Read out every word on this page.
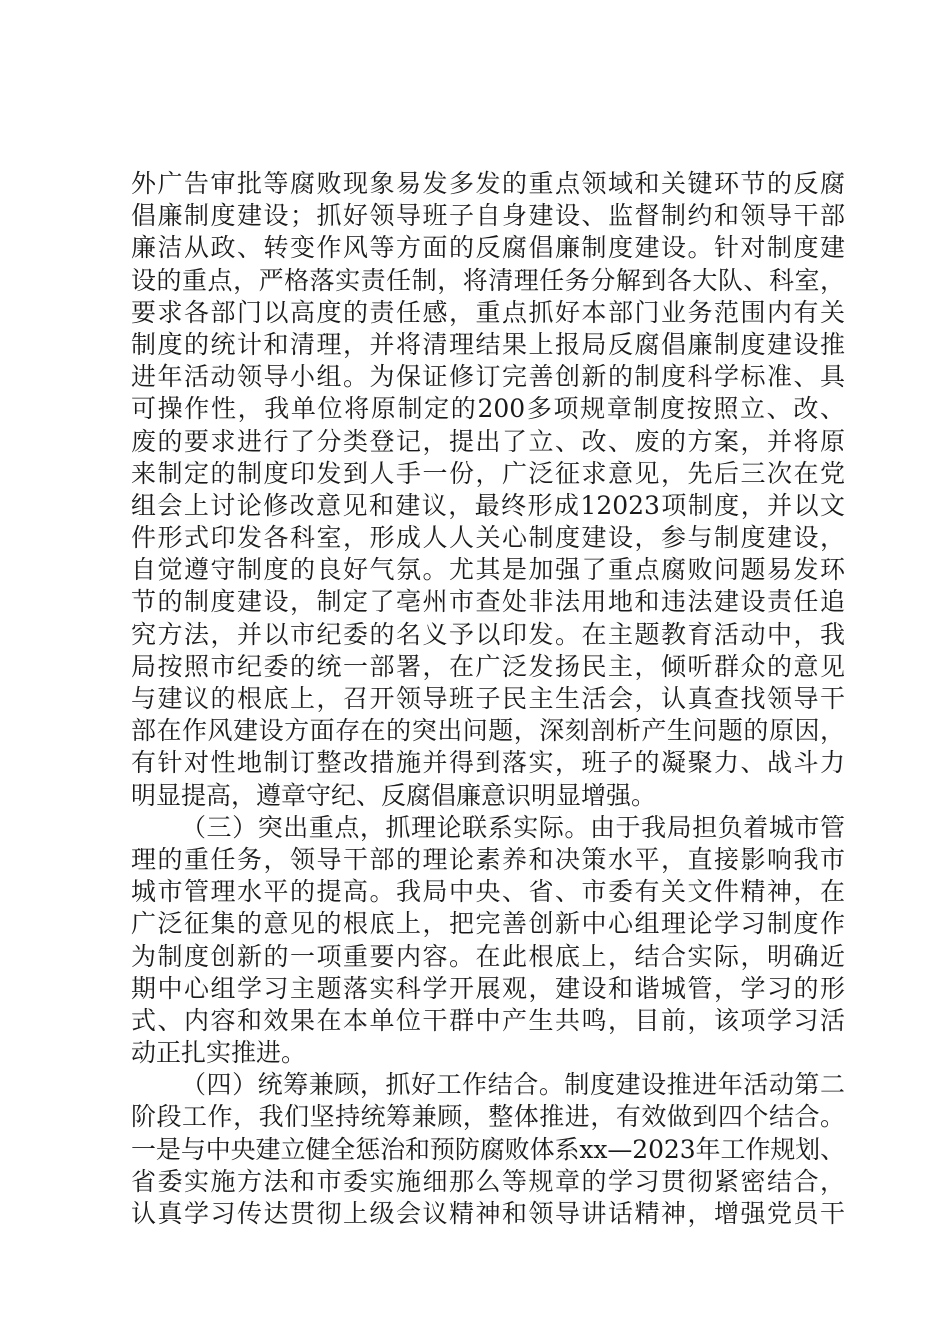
外广告审批等腐败现象易发多发的重点领域和关键环节的反腐
倡廉制度建设；抓好领导班子自身建设、监督制约和领导干部
廉洁从政、转变作风等方面的反腐倡廉制度建设。针对制度建
设的重点，严格落实责任制，将清理任务分解到各大队、科室，
要求各部门以高度的责任感，重点抓好本部门业务范围内有关
制度的统计和清理，并将清理结果上报局反腐倡廉制度建设推
进年活动领导小组。为保证修订完善创新的制度科学标准、具
可操作性，我单位将原制定的200多项规章制度按照立、改、
废的要求进行了分类登记，提出了立、改、废的方案，并将原
来制定的制度印发到人手一份，广泛征求意见，先后三次在党
组会上讨论修改意见和建议，最终形成12023项制度，并以文
件形式印发各科室，形成人人关心制度建设，参与制度建设，
自觉遵守制度的良好气氛。尤其是加强了重点腐败问题易发环
节的制度建设，制定了亳州市查处非法用地和违法建设责任追
究方法，并以市纪委的名义予以印发。在主题教育活动中，我
局按照市纪委的统一部署，在广泛发扬民主，倾听群众的意见
与建议的根底上，召开领导班子民主生活会，认真查找领导干
部在作风建设方面存在的突出问题，深刻剖析产生问题的原因，
有针对性地制订整改措施并得到落实，班子的凝聚力、战斗力
明显提高，遵章守纪、反腐倡廉意识明显增强。
（三）突出重点，抓理论联系实际。由于我局担负着城市管
理的重任务，领导干部的理论素养和决策水平，直接影响我市
城市管理水平的提高。我局中央、省、市委有关文件精神，在
广泛征集的意见的根底上，把完善创新中心组理论学习制度作
为制度创新的一项重要内容。在此根底上，结合实际，明确近
期中心组学习主题落实科学开展观，建设和谐城管，学习的形
式、内容和效果在本单位干群中产生共鸣，目前，该项学习活
动正扎实推进。
（四）统筹兼顾，抓好工作结合。制度建设推进年活动第二
阶段工作，我们坚持统筹兼顾，整体推进，有效做到四个结合。
一是与中央建立健全惩治和预防腐败体系xx—2023年工作规划、
省委实施方法和市委实施细那么等规章的学习贯彻紧密结合，
认真学习传达贯彻上级会议精神和领导讲话精神，增强党员干
